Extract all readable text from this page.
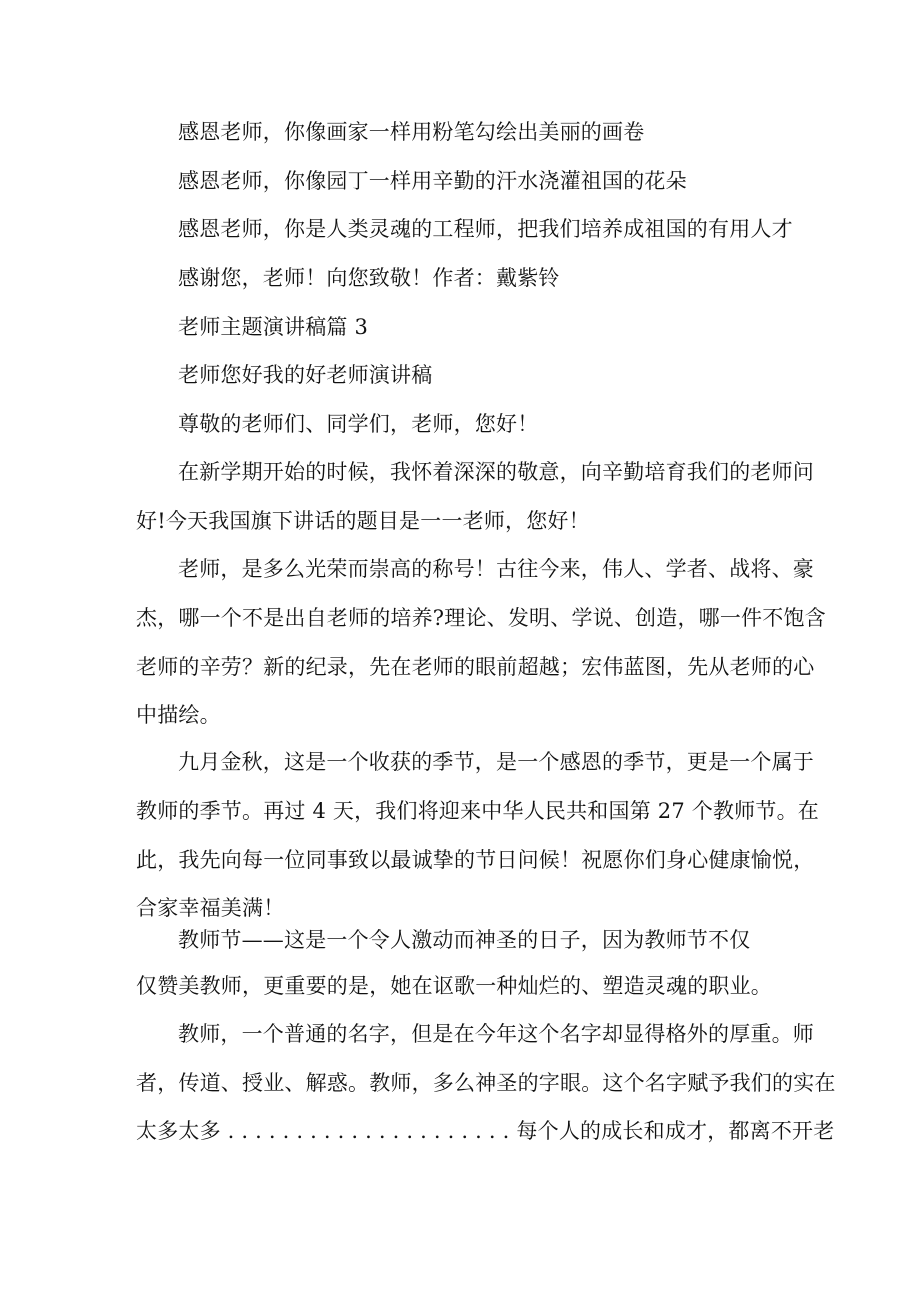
感恩老师，你像画家一样用粉笔勾绘出美丽的画卷
感恩老师，你像园丁一样用辛勤的汗水浇灌祖国的花朵
感恩老师，你是人类灵魂的工程师，把我们培养成祖国的有用人才
感谢您，老师！向您致敬！作者：戴紫铃
老师主题演讲稿篇 3
老师您好我的好老师演讲稿
尊敬的老师们、同学们，老师，您好！
在新学期开始的时候，我怀着深深的敬意，向辛勤培育我们的老师问
好!今天我国旗下讲话的题目是一一老师，您好！
老师，是多么光荣而崇高的称号！古往今来，伟人、学者、战将、豪
杰，哪一个不是出自老师的培养?理论、发明、学说、创造，哪一件不饱含
老师的辛劳？新的纪录，先在老师的眼前超越；宏伟蓝图，先从老师的心
中描绘。
九月金秋，这是一个收获的季节，是一个感恩的季节，更是一个属于
教师的季节。再过 4 天，我们将迎来中华人民共和国第 27 个教师节。在
此，我先向每一位同事致以最诚挚的节日问候！祝愿你们身心健康愉悦，
合家幸福美满！
教师节——这是一个令人激动而神圣的日子，因为教师节不仅
仅赞美教师，更重要的是，她在讴歌一种灿烂的、塑造灵魂的职业。
教师，一个普通的名字，但是在今年这个名字却显得格外的厚重。师
者，传道、授业、解惑。教师，多么神圣的字眼。这个名字赋予我们的实在
太多太多 . . . . . . . . . . . . . . . . . . . . . 每个人的成长和成才，都离不开老
